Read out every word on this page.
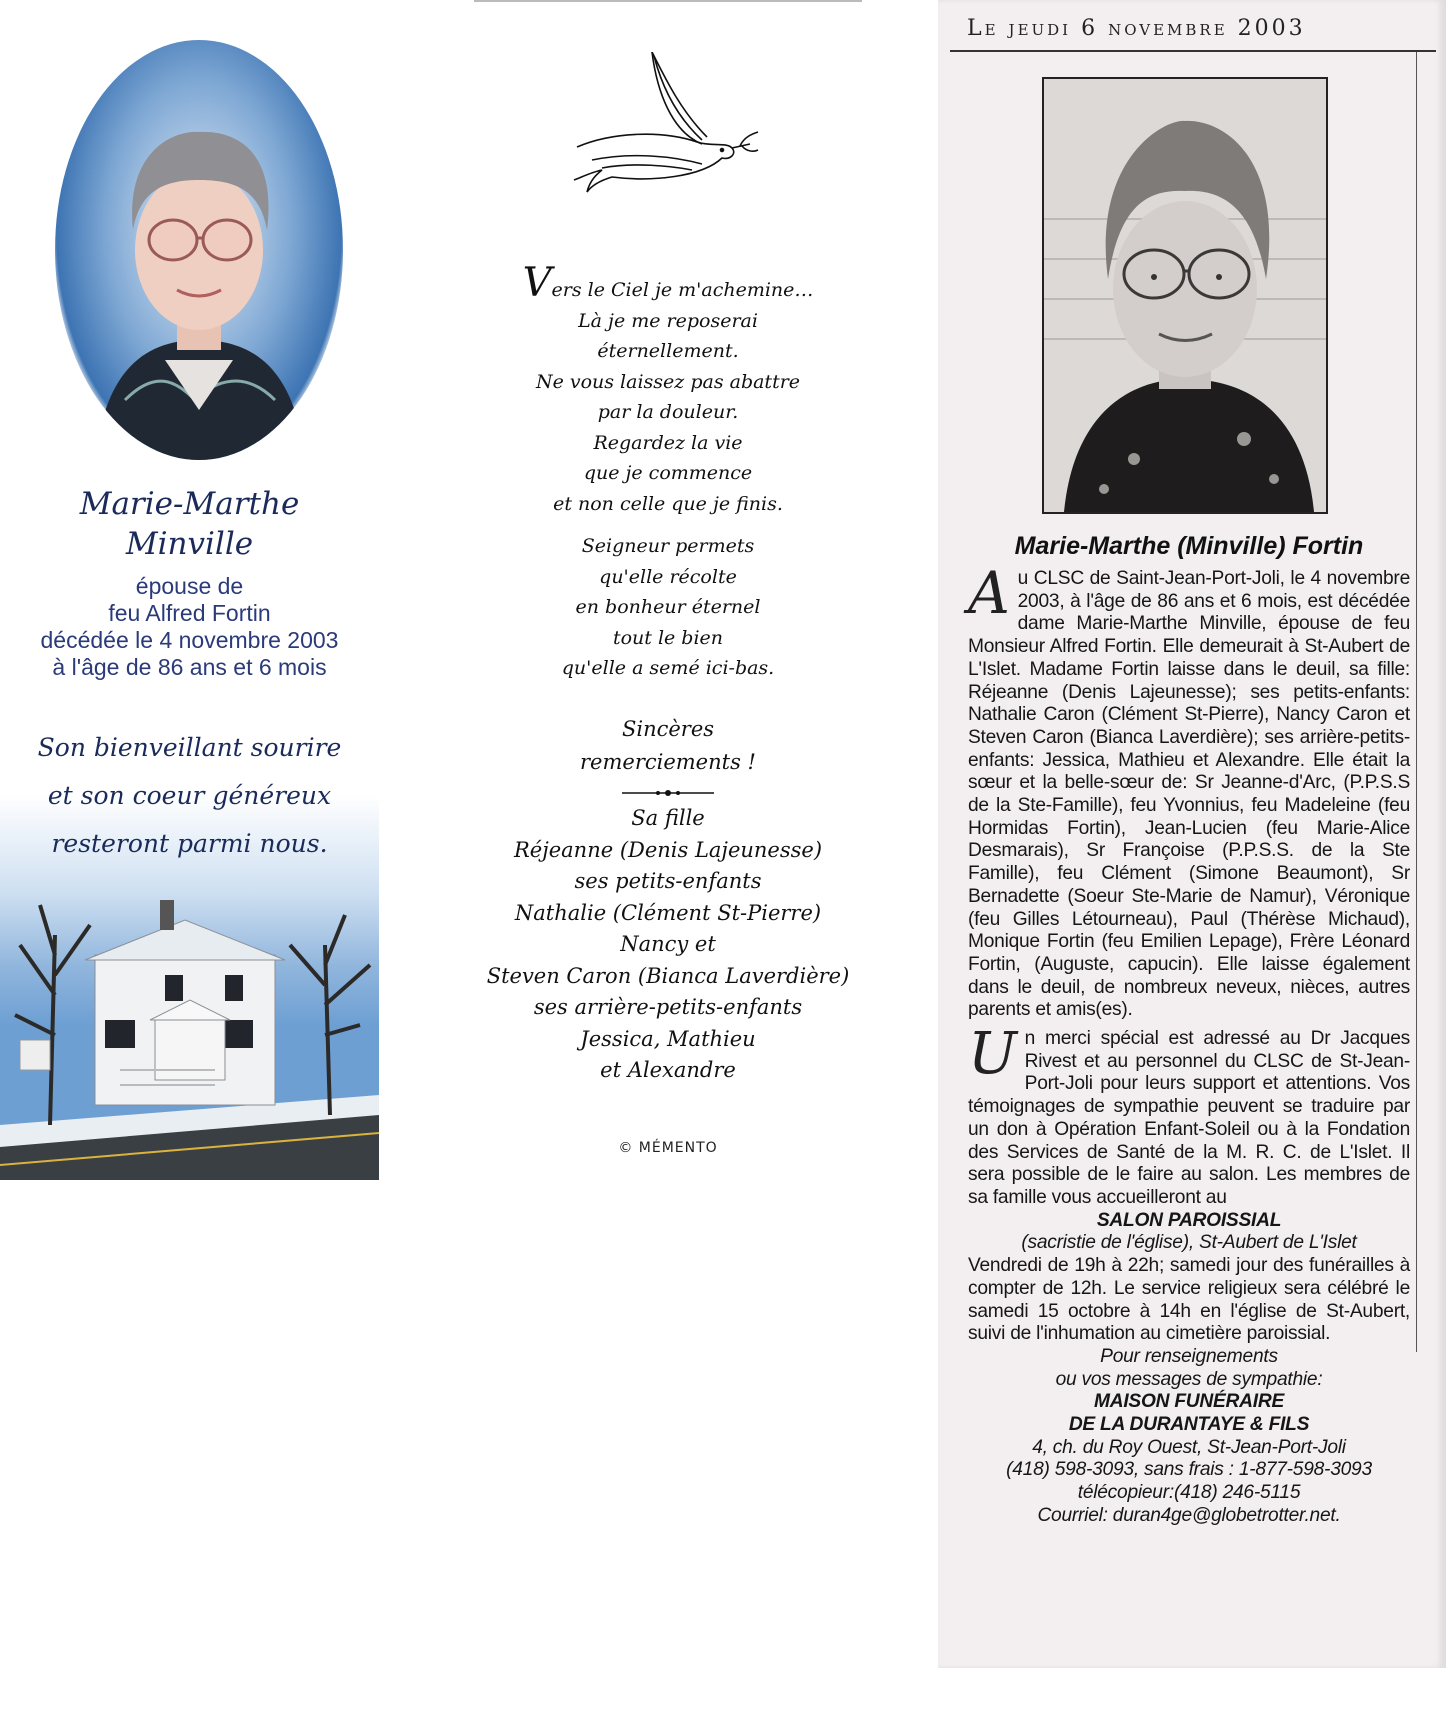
Marie-Marthe
Minville
épouse de
feu Alfred Fortin
décédée le 4 novembre 2003
à l'âge de 86 ans et 6 mois
Son bienveillant sourire
et son coeur généreux
resteront parmi nous.
Vers le Ciel je m'achemine…
Là je me reposerai
éternellement.
Ne vous laissez pas abattre
par la douleur.
Regardez la vie
que je commence
et non celle que je finis.
Seigneur permets
qu'elle récolte
en bonheur éternel
tout le bien
qu'elle a semé ici-bas.
Sincères
remerciements !
Sa fille
Réjeanne (Denis Lajeunesse)
ses petits-enfants
Nathalie (Clément St-Pierre)
Nancy et
Steven Caron (Bianca Laverdière)
ses arrière-petits-enfants
Jessica, Mathieu
et Alexandre
© MÉMENTO
Le jeudi 6 novembre 2003
Marie-Marthe (Minville) Fortin
Au CLSC de Saint-Jean-Port-Joli, le 4 novembre 2003, à l'âge de 86 ans et 6 mois, est décédée dame Marie-Marthe Minville, épouse de feu Monsieur Alfred Fortin. Elle demeurait à St-Aubert de L'Islet. Madame Fortin laisse dans le deuil, sa fille: Réjeanne (Denis Lajeunesse); ses petits-enfants: Nathalie Caron (Clément St-Pierre), Nancy Caron et Steven Caron (Bianca Laverdière); ses arrière-petits-enfants: Jessica, Mathieu et Alexandre. Elle était la sœur et la belle-sœur de: Sr Jeanne-d'Arc, (P.P.S.S de la Ste-Famille), feu Yvonnius, feu Madeleine (feu Hormidas Fortin), Jean-Lucien (feu Marie-Alice Desmarais), Sr Françoise (P.P.S.S. de la Ste Famille), feu Clément (Simone Beaumont), Sr Bernadette (Soeur Ste-Marie de Namur), Véronique (feu Gilles Létourneau), Paul (Thérèse Michaud), Monique Fortin (feu Emilien Lepage), Frère Léonard Fortin, (Auguste, capucin). Elle laisse également dans le deuil, de nombreux neveux, nièces, autres parents et amis(es).
Un merci spécial est adressé au Dr Jacques Rivest et au personnel du CLSC de St-Jean-Port-Joli pour leurs support et attentions. Vos témoignages de sympathie peuvent se traduire par un don à Opération Enfant-Soleil ou à la Fondation des Services de Santé de la M. R. C. de L'Islet. Il sera possible de le faire au salon. Les membres de sa famille vous accueilleront au
SALON PAROISSIAL
(sacristie de l'église), St-Aubert de L'Islet
Vendredi de 19h à 22h; samedi jour des funérailles à compter de 12h. Le service religieux sera célébré le samedi 15 octobre à 14h en l'église de St-Aubert, suivi de l'inhumation au cimetière paroissial.
Pour renseignements
ou vos messages de sympathie:
MAISON FUNÉRAIRE
DE LA DURANTAYE & FILS
4, ch. du Roy Ouest, St-Jean-Port-Joli
(418) 598-3093, sans frais : 1-877-598-3093
télécopieur:(418) 246-5115
Courriel: duran4ge@globetrotter.net.
